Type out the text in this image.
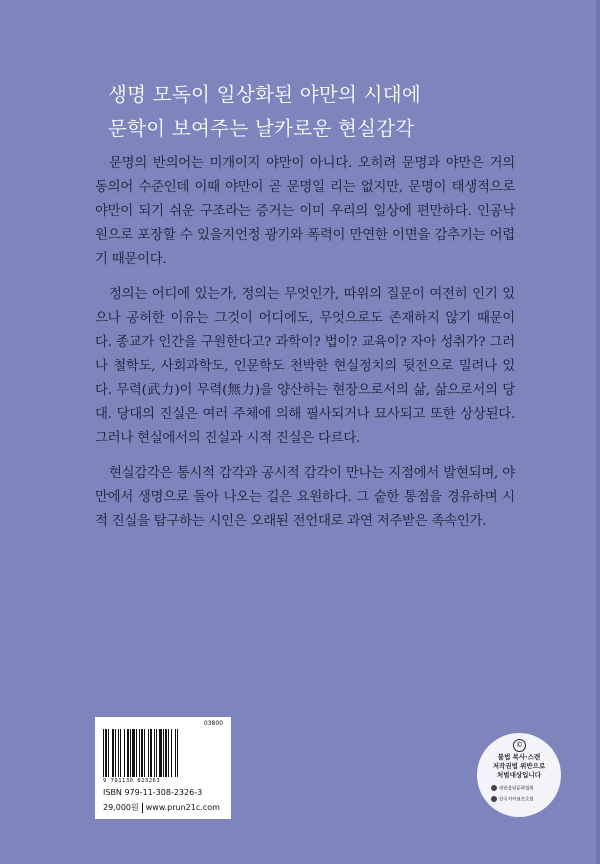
생명 모독이 일상화된 야만의 시대에
문학이 보여주는 날카로운 현실감각

문명의 반의어는 미개이지 야만이 아니다. 오히려 문명과 야만은 거의 동의어 수준인데 이때 야만이 곧 문명일 리는 없지만, 문명이 태생적으로 야만이 되기 쉬운 구조라는 증거는 이미 우리의 일상에 편만하다. 인공낙원으로 포장할 수 있을지언정 광기와 폭력이 만연한 이면을 감추기는 어렵기 때문이다.

정의는 어디에 있는가, 정의는 무엇인가, 따위의 질문이 여전히 인기 있으나 공허한 이유는 그것이 어디에도, 무엇으로도 존재하지 않기 때문이다. 종교가 인간을 구원한다고? 과학이? 법이? 교육이? 자아 성취가? 그러나 철학도, 사회과학도, 인문학도 천박한 현실정치의 뒷전으로 밀려나 있다. 무력(武力)이 무력(無力)을 양산하는 현장으로서의 삶, 삶으로서의 당대. 당대의 진실은 여러 주체에 의해 필사되거나 묘사되고 또한 상상된다. 그러나 현실에서의 진실과 시적 진실은 다르다.

현실감각은 통시적 감각과 공시적 감각이 만나는 지점에서 발현되며, 야만에서 생명으로 돌아 나오는 길은 요원하다. 그 숱한 통점을 경유하며 시적 진실을 탐구하는 시인은 오래된 전언대로 과연 저주받은 족속인가.

03800
9 791130 823263
ISBN 979-11-308-2326-3
29,000원 www.prun21c.com
©
불법 복사·스캔
저작권법 위반으로
처벌대상입니다
대한출판문화협회
한국저작권보호원
